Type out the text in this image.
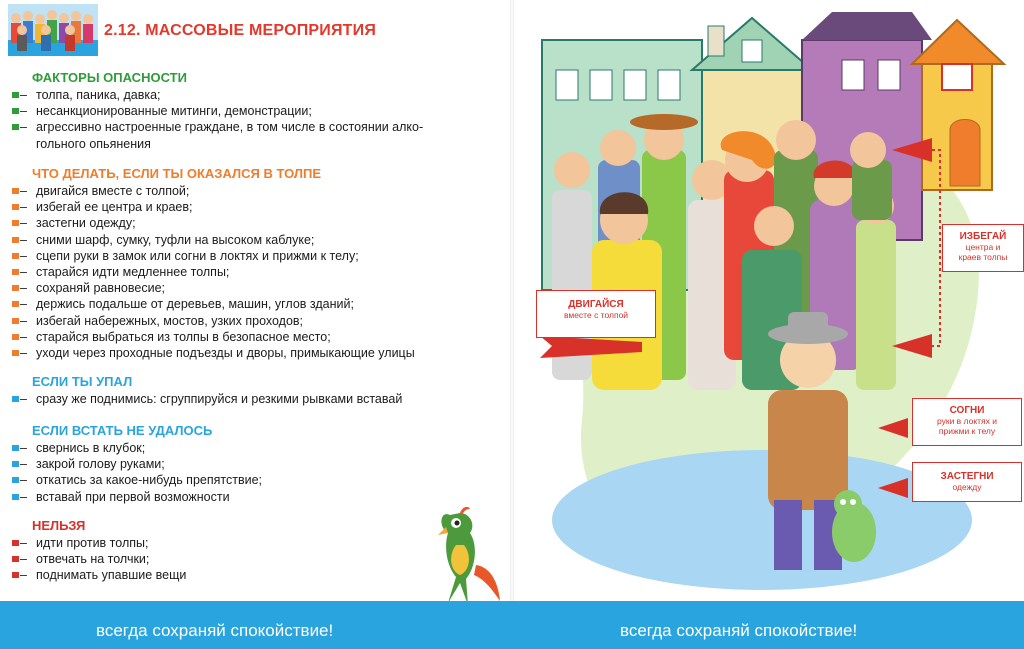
2.12. МАССОВЫЕ МЕРОПРИЯТИЯ
ФАКТОРЫ ОПАСНОСТИ
– толпа, паника, давка;
– несанкционированные митинги, демонстрации;
– агрессивно настроенные граждане, в том числе в состоянии алко-
гольного опьянения
ЧТО ДЕЛАТЬ, ЕСЛИ ТЫ ОКАЗАЛСЯ В ТОЛПЕ
– двигайся вместе с толпой;
– избегай ее центра и краев;
– застегни одежду;
– сними шарф, сумку, туфли на высоком каблуке;
– сцепи руки в замок или согни в локтях и прижми к телу;
– старайся идти медленнее толпы;
– сохраняй равновесие;
– держись подальше от деревьев, машин, углов зданий;
– избегай набережных, мостов, узких проходов;
– старайся выбраться из толпы в безопасное место;
– уходи через проходные подъезды и дворы, примыкающие улицы
ЕСЛИ ТЫ УПАЛ
– сразу же поднимись: сгруппируйся и резкими рывками вставай
ЕСЛИ ВСТАТЬ НЕ УДАЛОСЬ
– свернись в клубок;
– закрой голову руками;
– откатись за какое-нибудь препятствие;
– вставай при первой возможности
НЕЛЬЗЯ
– идти против толпы;
– отвечать на толчки;
– поднимать упавшие вещи
ДВИГАЙСЯ
вместе с толпой
ИЗБЕГАЙ
центра и
краев толпы
СОГНИ
руки в локтях и
прижми к телу
ЗАСТЕГНИ
одежду
всегда сохраняй спокойствие!	всегда сохраняй спокойствие!
